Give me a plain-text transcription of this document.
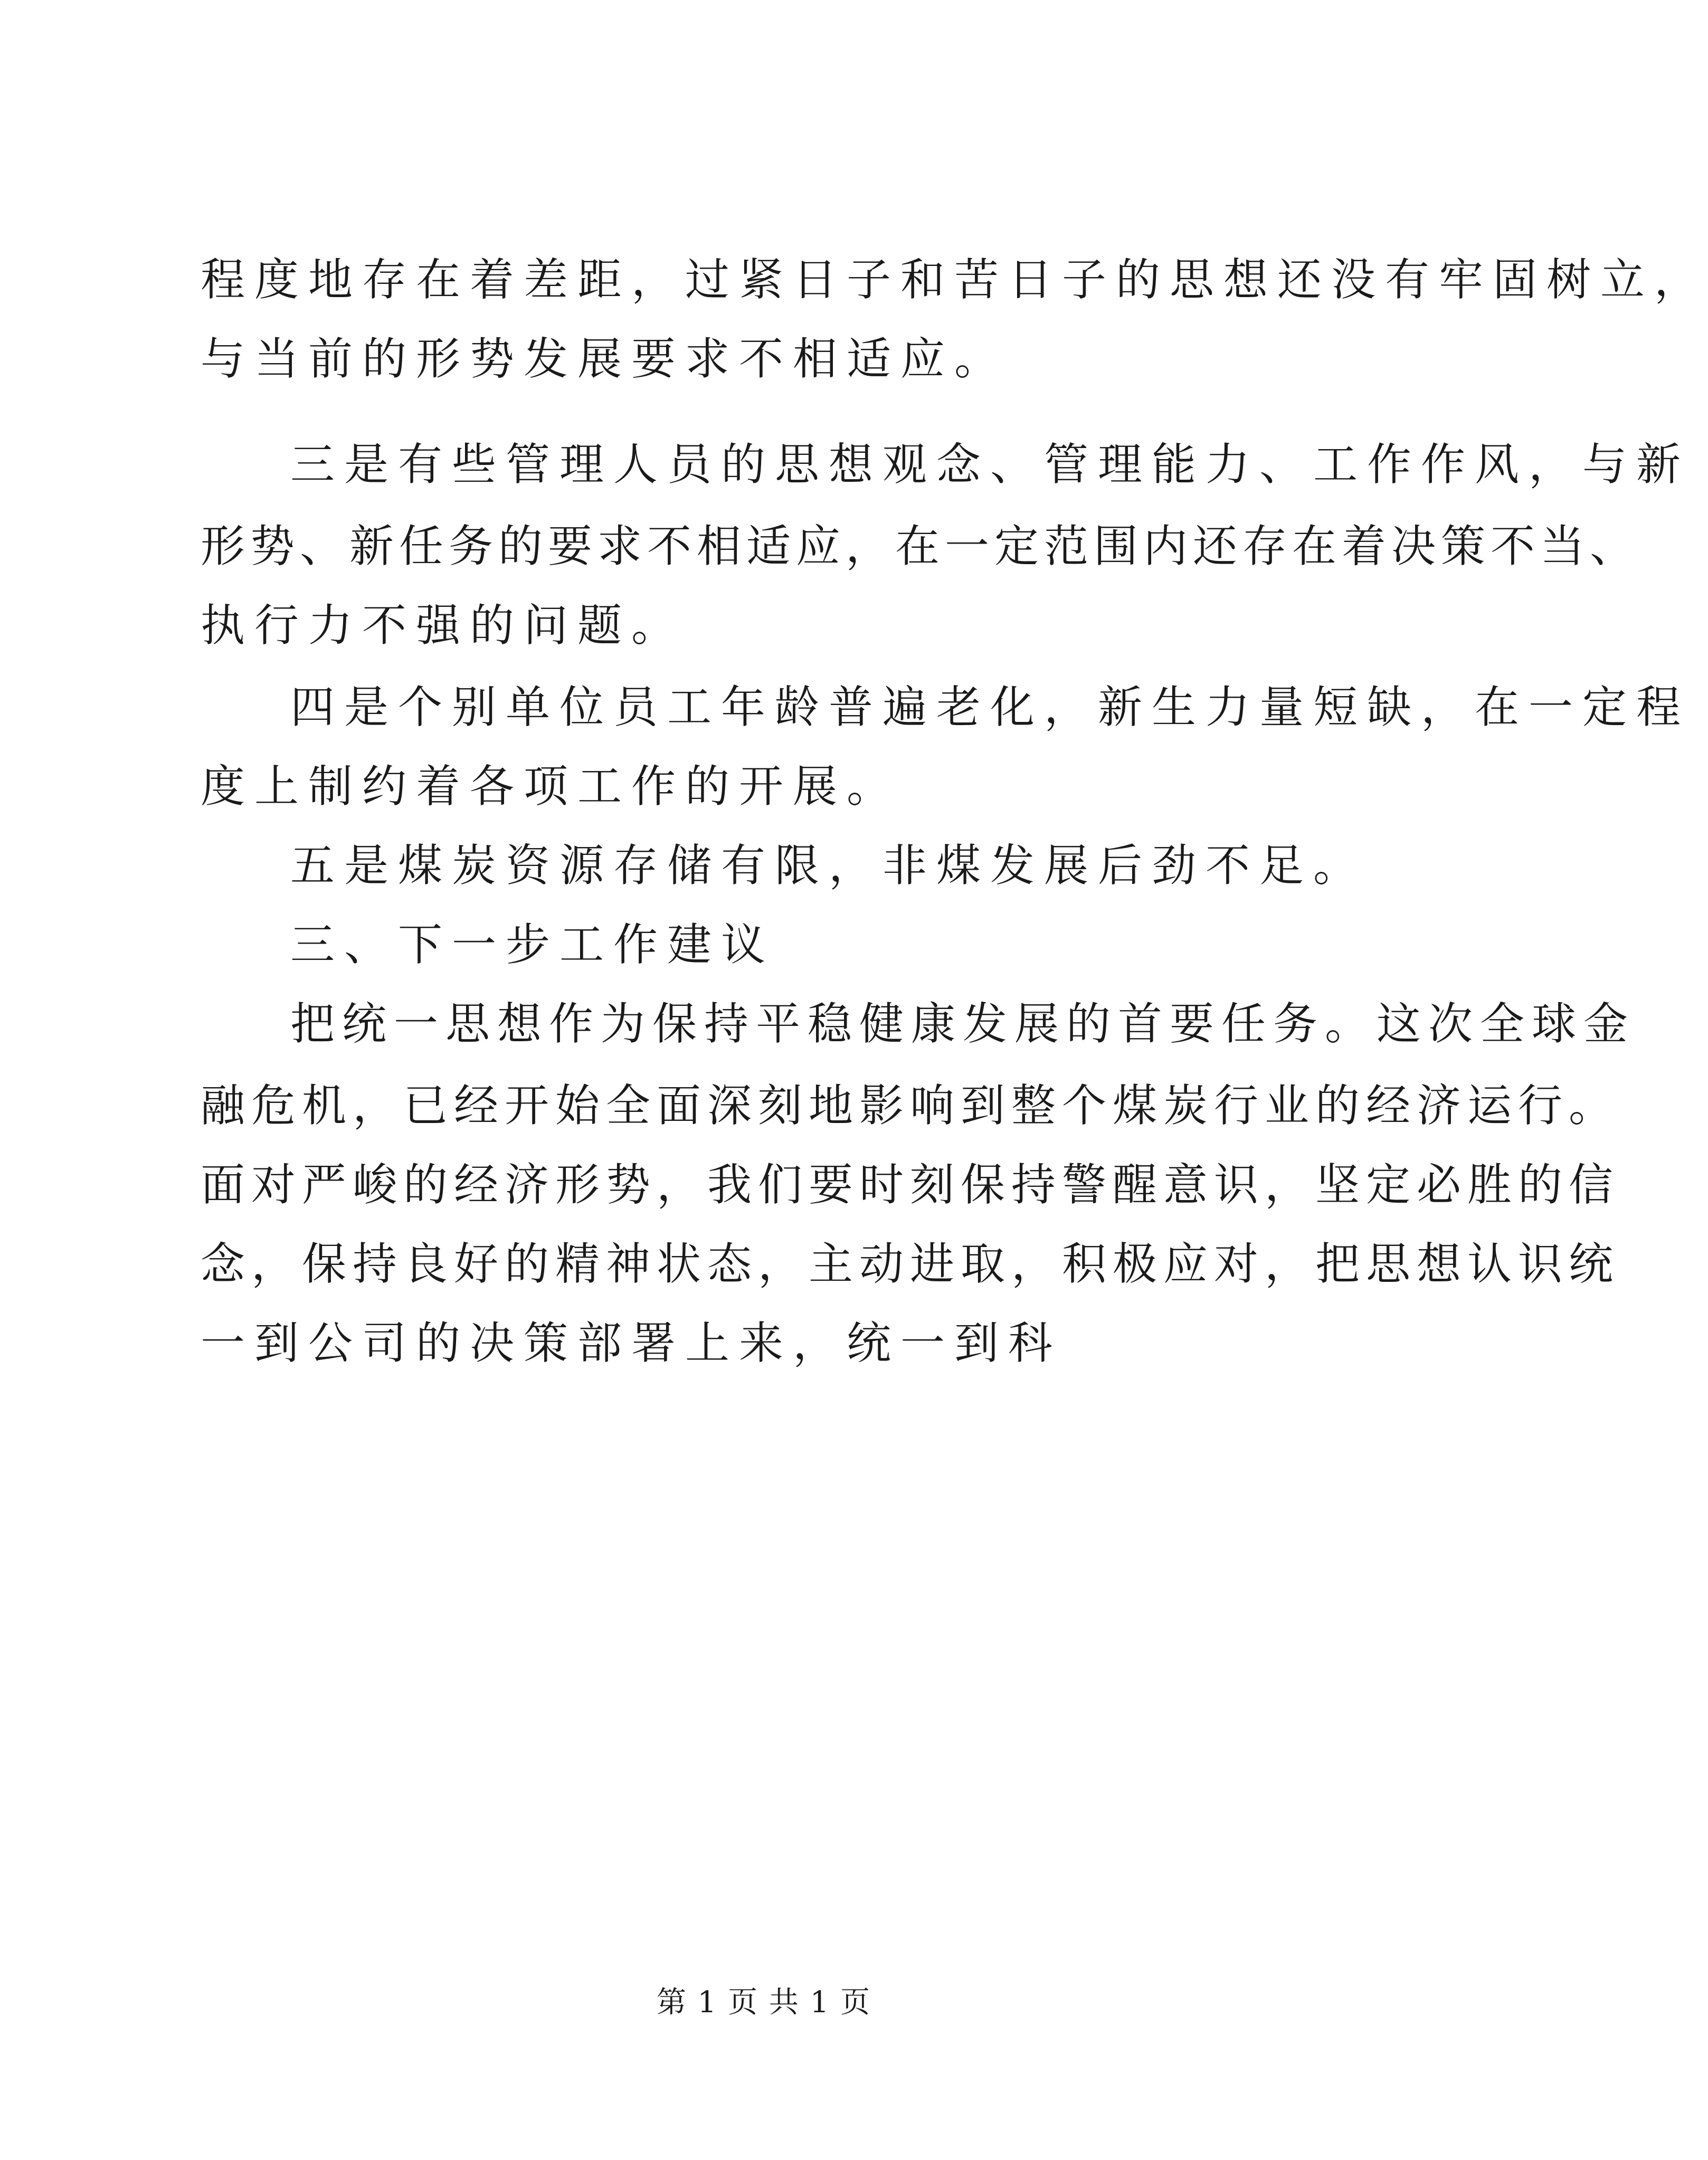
程度地存在着差距，过紧日子和苦日子的思想还没有牢固树立，
与当前的形势发展要求不相适应。
三是有些管理人员的思想观念、管理能力、工作作风，与新
形势、新任务的要求不相适应，在一定范围内还存在着决策不当、
执行力不强的问题。
四是个别单位员工年龄普遍老化，新生力量短缺，在一定程
度上制约着各项工作的开展。
五是煤炭资源存储有限，非煤发展后劲不足。
三、下一步工作建议
把统一思想作为保持平稳健康发展的首要任务。这次全球金
融危机，已经开始全面深刻地影响到整个煤炭行业的经济运行。
面对严峻的经济形势，我们要时刻保持警醒意识，坚定必胜的信
念，保持良好的精神状态，主动进取，积极应对，把思想认识统
一到公司的决策部署上来，统一到科
第 1 页 共 1 页
